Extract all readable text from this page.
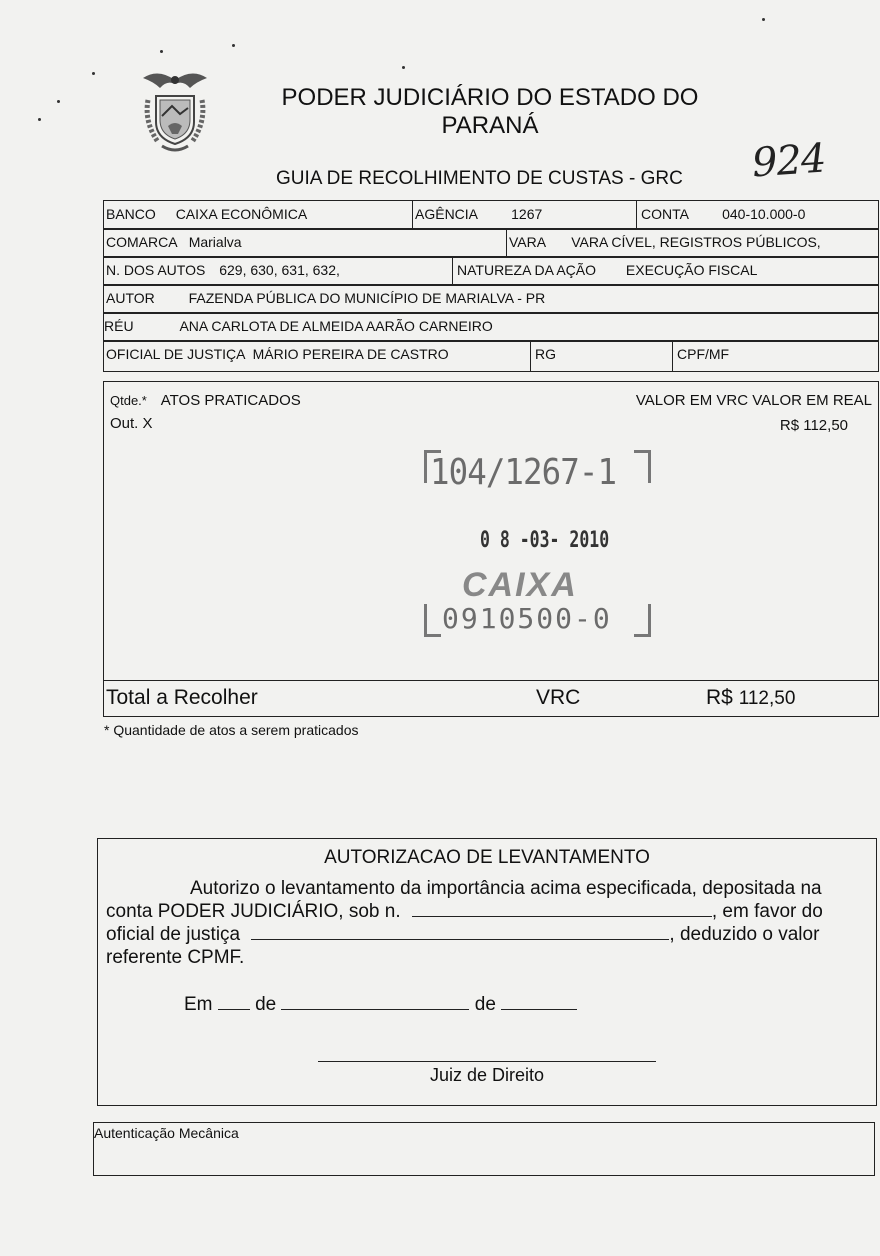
PODER JUDICIÁRIO DO ESTADO DO
PARANÁ
GUIA DE RECOLHIMENTO DE CUSTAS - GRC 924
BANCO CAIXA ECONÔMICA	AGÊNCIA 1267	CONTA 040-10.000-0
COMARCA Marialva	VARA VARA CÍVEL, REGISTROS PÚBLICOS,
N. DOS AUTOS 629, 630, 631, 632,	NATUREZA DA AÇÃO EXECUÇÃO FISCAL
AUTOR FAZENDA PÚBLICA DO MUNICÍPIO DE MARIALVA - PR
RÉU	ANA CARLOTA DE ALMEIDA AARÃO CARNEIRO
OFICIAL DE JUSTIÇA MÁRIO PEREIRA DE CASTRO	RG	CPF/MF
Qtde.* ATOS PRATICADOS	VALOR EM VRC VALOR EM REAL
Out. X	R$ 112,50
104/1267-1
0 8 -03- 2010
CAIXA
0910500-0
Total a Recolher	VRC	R$ 112,50
* Quantidade de atos a serem praticados
AUTORIZACAO DE LEVANTAMENTO
Autorizo o levantamento da importância acima especificada, depositada na
conta PODER JUDICIÁRIO, sob n.	, em favor do
oficial de justiça	, deduzido o valor
referente CPMF.
Em de	de
Juiz de Direito
Autenticação Mecânica
